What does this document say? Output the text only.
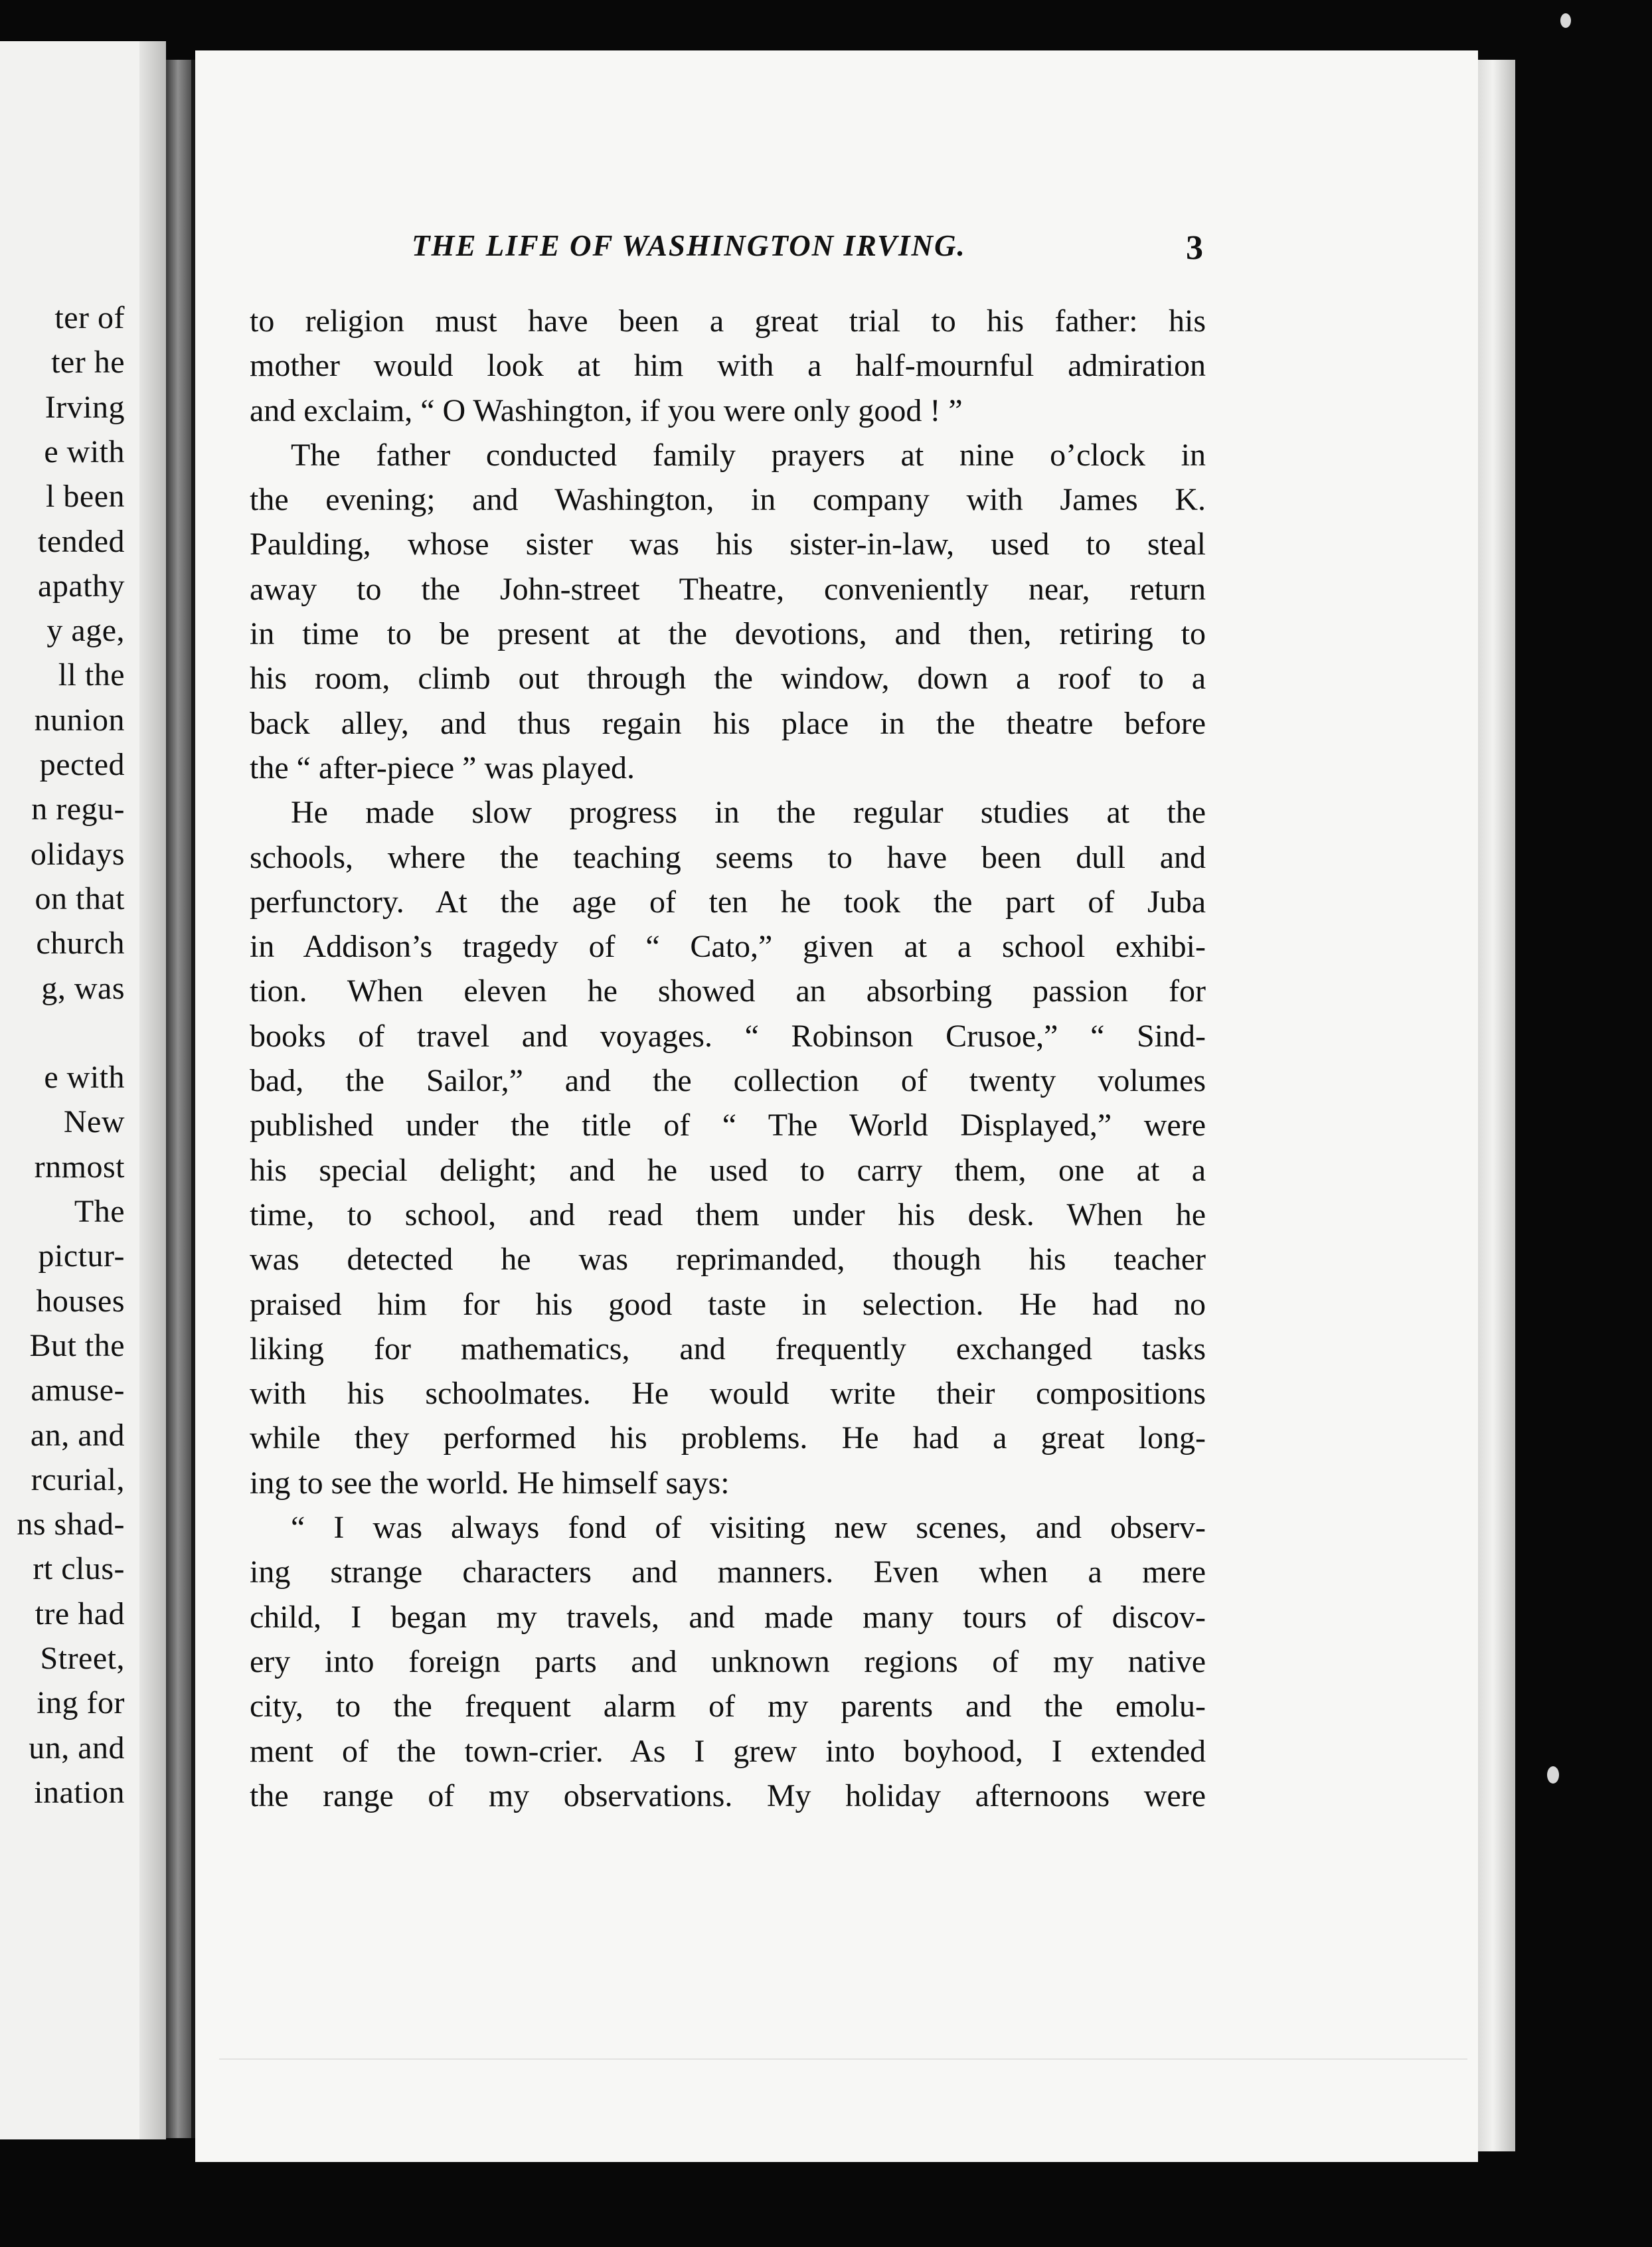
ter of
ter he
Irving
e with
l been
tended
apathy
y age,
ll the
nunion
pected
n regu-
olidays
on that
church
g, was
e with
New
rnmost
The
pictur-
houses
But the
amuse-
an, and
rcurial,
ns shad-
rt clus-
tre had
Street,
ing for
un, and
ination
THE LIFE OF WASHINGTON IRVING.	3
to religion must have been a great trial to his father: his
mother would look at him with a half-mournful admiration
and exclaim, “ O Washington, if you were only good ! ”
The father conducted family prayers at nine o’clock in
the evening; and Washington, in company with James K.
Paulding, whose sister was his sister-in-law, used to steal
away to the John-street Theatre, conveniently near, return
in time to be present at the devotions, and then, retiring to
his room, climb out through the window, down a roof to a
back alley, and thus regain his place in the theatre before
the “ after-piece ” was played.
He made slow progress in the regular studies at the
schools, where the teaching seems to have been dull and
perfunctory. At the age of ten he took the part of Juba
in Addison’s tragedy of “ Cato,” given at a school exhibi-
tion. When eleven he showed an absorbing passion for
books of travel and voyages. “ Robinson Crusoe,” “ Sind-
bad, the Sailor,” and the collection of twenty volumes
published under the title of “ The World Displayed,” were
his special delight; and he used to carry them, one at a
time, to school, and read them under his desk. When he
was detected he was reprimanded, though his teacher
praised him for his good taste in selection. He had no
liking for mathematics, and frequently exchanged tasks
with his schoolmates. He would write their compositions
while they performed his problems. He had a great long-
ing to see the world. He himself says:
“ I was always fond of visiting new scenes, and observ-
ing strange characters and manners. Even when a mere
child, I began my travels, and made many tours of discov-
ery into foreign parts and unknown regions of my native
city, to the frequent alarm of my parents and the emolu-
ment of the town-crier. As I grew into boyhood, I extended
the range of my observations. My holiday afternoons were
